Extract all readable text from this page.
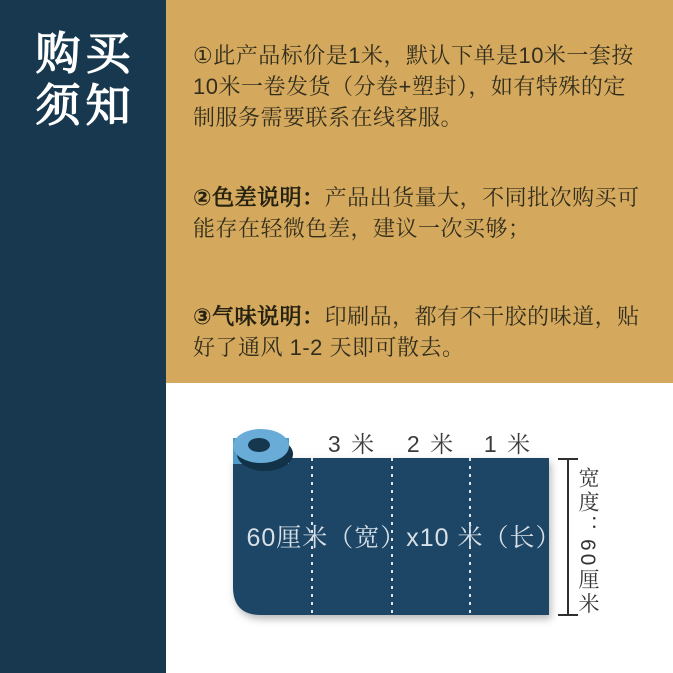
购买
须知

①此产品标价是1米，默认下单是10米一套按10米一卷发货（分卷+塑封），如有特殊的定制服务需要联系在线客服。

②色差说明：产品出货量大，不同批次购买可能存在轻微色差，建议一次买够；

③气味说明：印刷品，都有不干胶的味道，贴好了通风 1-2 天即可散去。

3 米 2 米 1 米
60厘米（宽）x10 米（长） 宽度：60厘米
